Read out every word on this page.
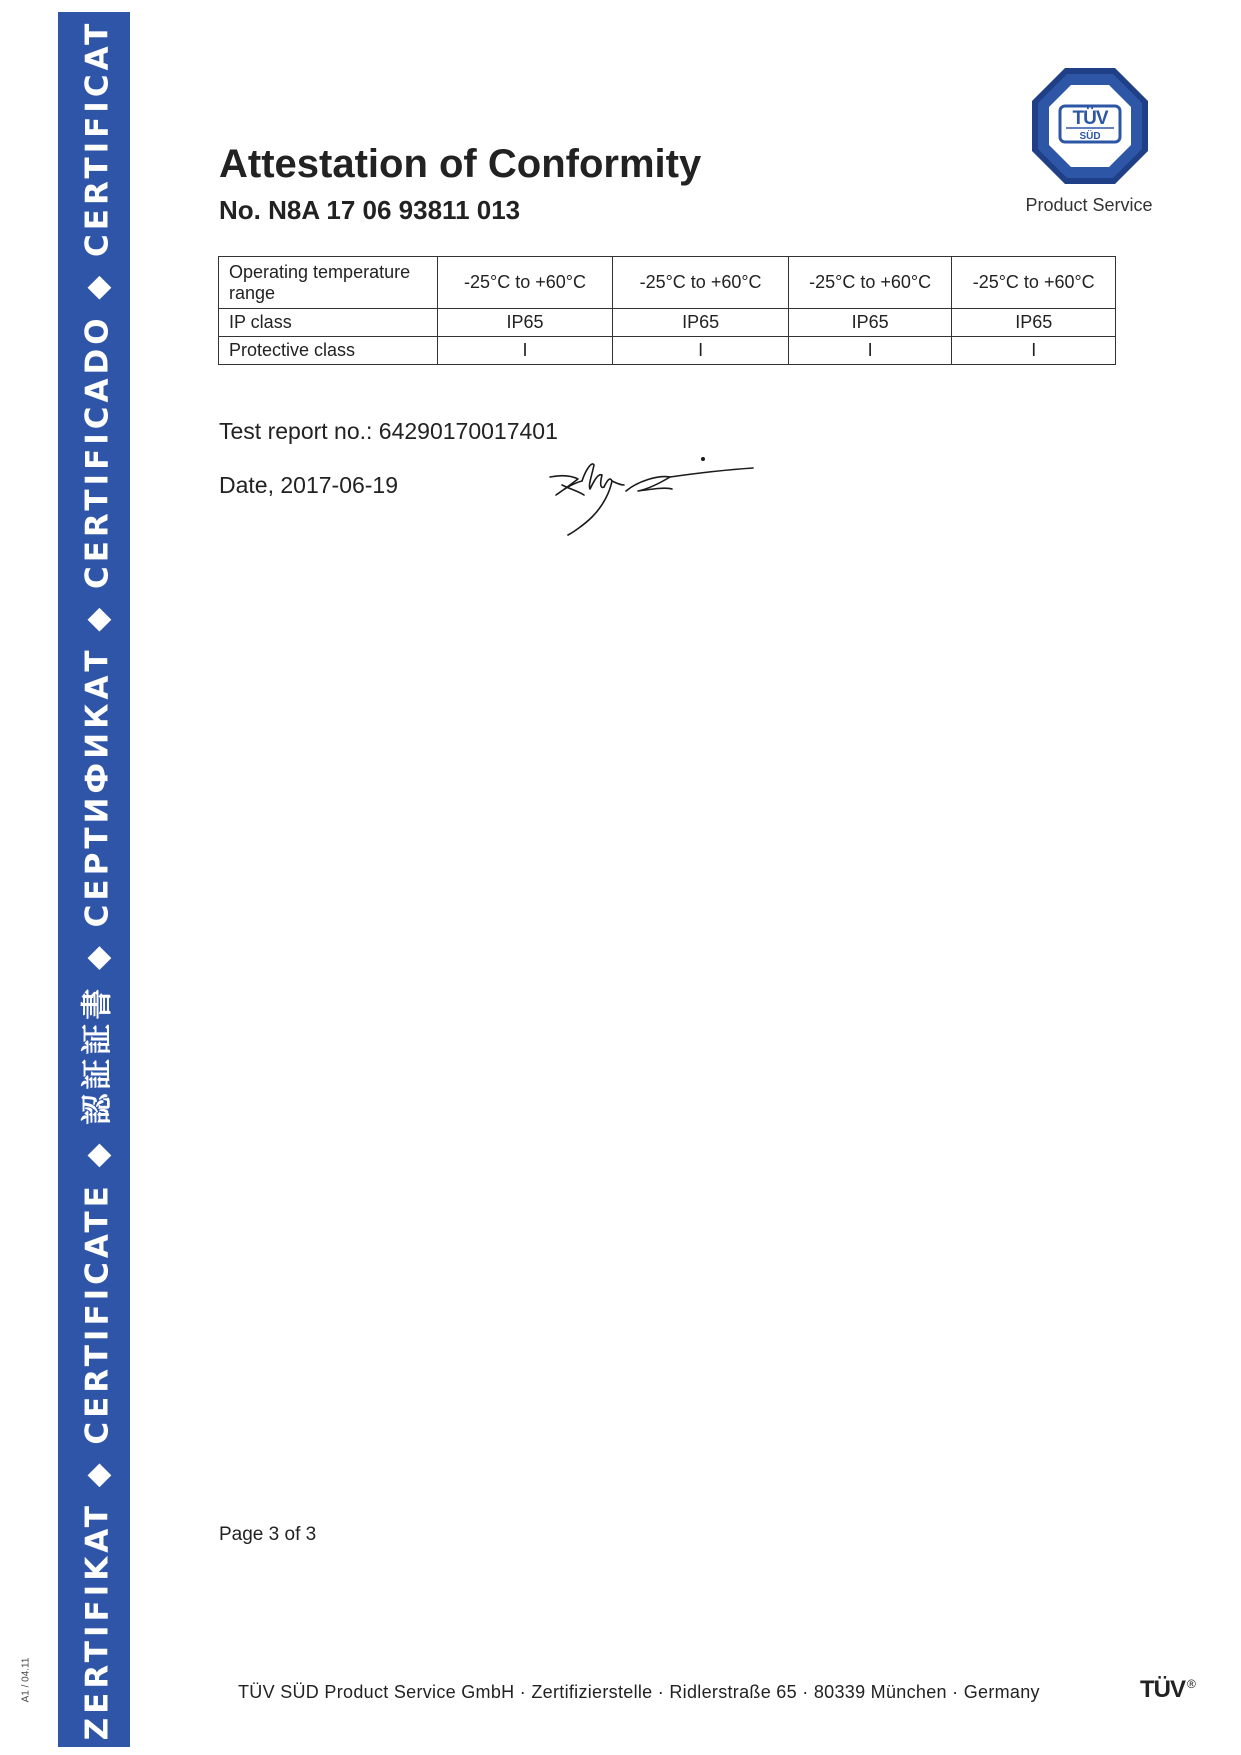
ZERTIFIKAT ◆ CERTIFICATE ◆ 認証証書 ◆ СЕРТИФИКАТ ◆ CERTIFICADO ◆ CERTIFICAT
A1 / 04.11
Attestation of Conformity
No. N8A 17 06 93811 013
TÜV
SÜD
Product Service
Operating temperature range	-25°C to +60°C	-25°C to +60°C	-25°C to +60°C	-25°C to +60°C
IP class	IP65	IP65	IP65	IP65
Protective class	I	I	I	I
Test report no.: 64290170017401
Date, 2017-06-19
Page 3 of 3
TÜV SÜD Product Service GmbH · Zertifizierstelle · Ridlerstraße 65 · 80339 München · Germany	TÜV ®
